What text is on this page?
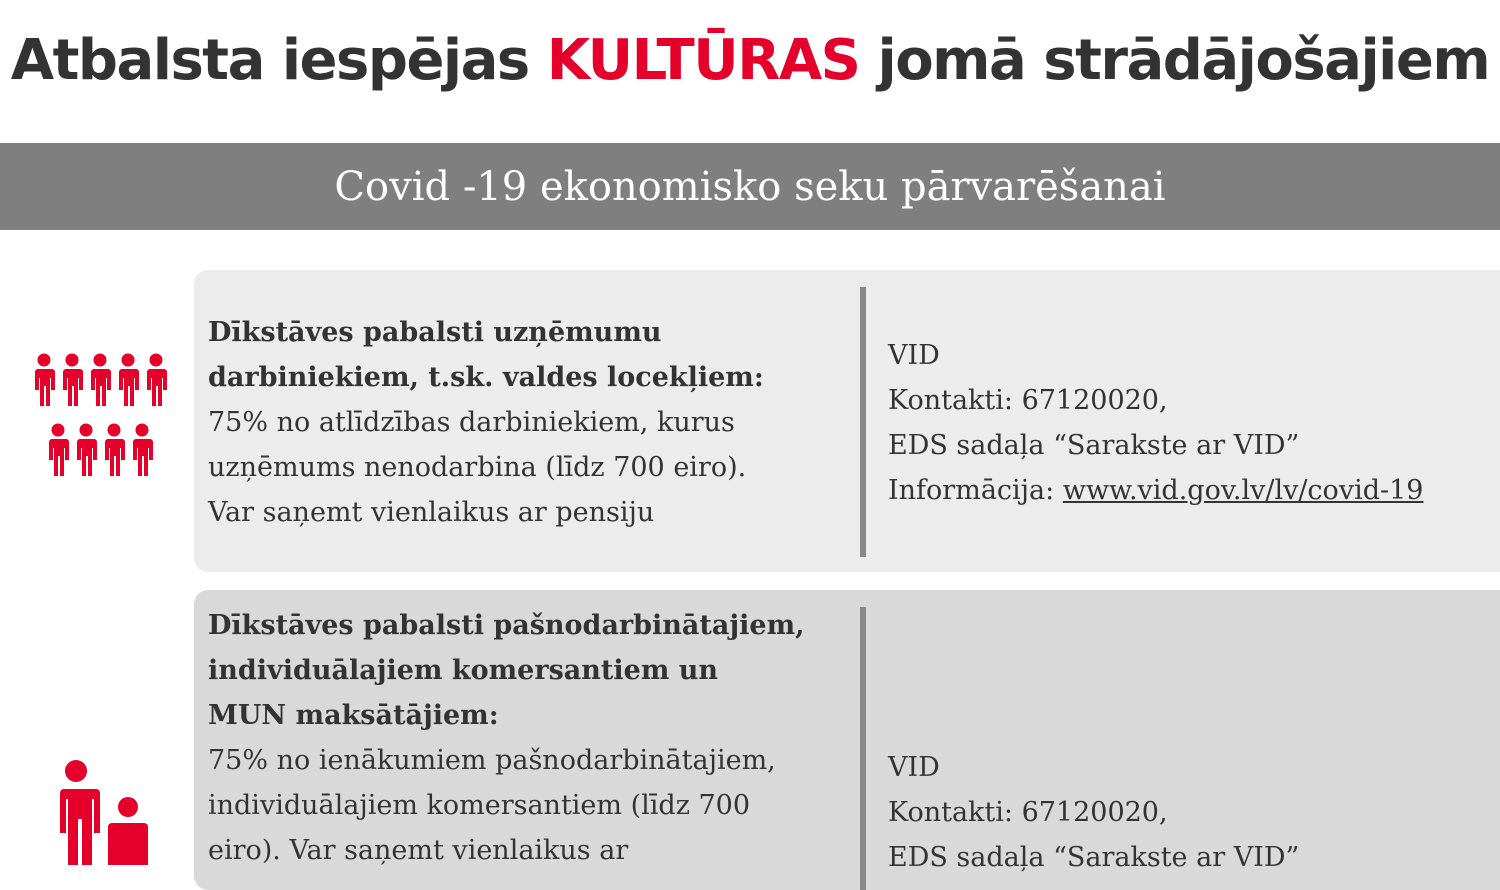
Atbalsta iespējas KULTŪRAS jomā strādājošajiem
Covid -19 ekonomisko seku pārvarēšanai
Dīkstāves pabalsti uzņēmumu
darbiniekiem, t.sk. valdes locekļiem:
75% no atlīdzības darbiniekiem, kurus
uzņēmums nenodarbina (līdz 700 eiro).
Var saņemt vienlaikus ar pensiju
VID
Kontakti: 67120020,
EDS sadaļa “Sarakste ar VID”
Informācija: www.vid.gov.lv/lv/covid-19
Dīkstāves pabalsti pašnodarbinātajiem,
individuālajiem komersantiem un
MUN maksātājiem:
75% no ienākumiem pašnodarbinātajiem,
individuālajiem komersantiem (līdz 700
eiro). Var saņemt vienlaikus ar
VID
Kontakti: 67120020,
EDS sadaļa “Sarakste ar VID”
